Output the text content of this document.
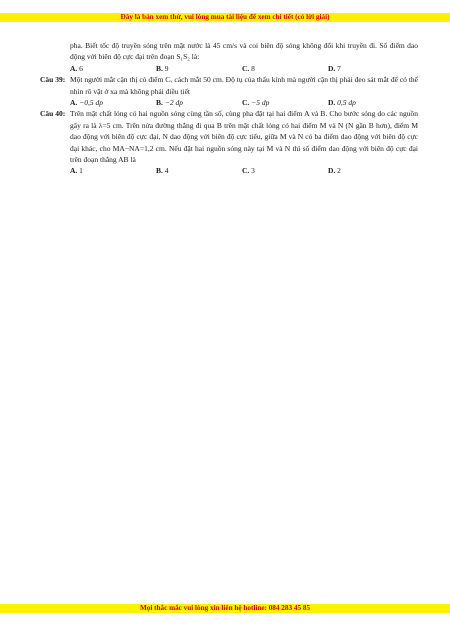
Đây là bản xem thử, vui lòng mua tài liệu để xem chi tiết (có lời giải)
pha. Biết tốc độ truyền sóng trên mặt nước là 45 cm/s và coi biên độ sóng không đổi khi truyền đi. Số điểm dao động với biên độ cực đại trên đoạn S₁S₂ là:
A. 6	B. 9	C. 8	D. 7
Câu 39: Một người mắt cận thị có điểm Cᵥ cách mắt 50 cm. Độ tụ của thấu kính mà người cận thị phải đeo sát mắt để có thể nhìn rõ vật ở xa mà không phải điều tiết
A. −0,5 dp	B. −2 dp	C. −5 dp	D. 0,5 dp
Câu 40: Trên mặt chất lỏng có hai nguồn sóng cùng tần số, cùng pha đặt tại hai điểm A và B. Cho bước sóng do các nguồn gây ra là λ=5 cm. Trên nửa đường thẳng đi qua B trên mặt chất lỏng có hai điểm M và N (N gần B hơn), điểm M dao động với biên độ cực đại, N dao động với biên độ cực tiểu, giữa M và N có ba điểm dao động với biên độ cực đại khác, cho MA−NA=1,2 cm. Nếu đặt hai nguồn sóng này tại M và N thì số điểm dao động với biên độ cực đại trên đoạn thẳng AB là
A. 1	B. 4	C. 3	D. 2
Mọi thắc mắc vui lòng xin liên hệ hotline: 084 283 45 85
